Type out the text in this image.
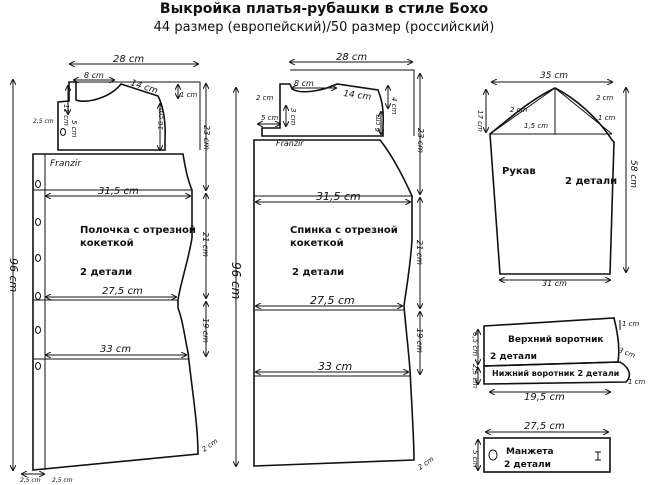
Выкройка платья-рубашки в стиле Бохо
44 размер (европейский)/50 размер (российский)
28 cm
8 cm
14 cm	1 cm
11 cm
2,5 cm 5 cm	16 cm
23 cm
Franzir
31,5 cm
Полочка с отрезной
кокеткой
2 детали
21 cm
27,5 cm
19 cm
33 cm
96 cm
2 cm
2,5 cm 2,5 cm
28 cm
2 cm
8 cm
14 cm
4 cm
5 cm 3 cm	6 cm
23 cm
Franzir
31,5 cm
Спинка с отрезной
кокеткой
2 детали
21 cm
27,5 cm
19 cm
33 cm
96 cm
2 cm
35 cm
17 cm	2 cm
1,5 cm
2 cm
1 cm
58 cm
Рукав
2 детали
31 cm
1 cm
Верхний воротник
2 детали
6,5 cm
2,5 cm
3 cm
Нижний воротник 2 детали
1 cm
19,5 cm
27,5 cm
5 cm	Манжета
2 детали
